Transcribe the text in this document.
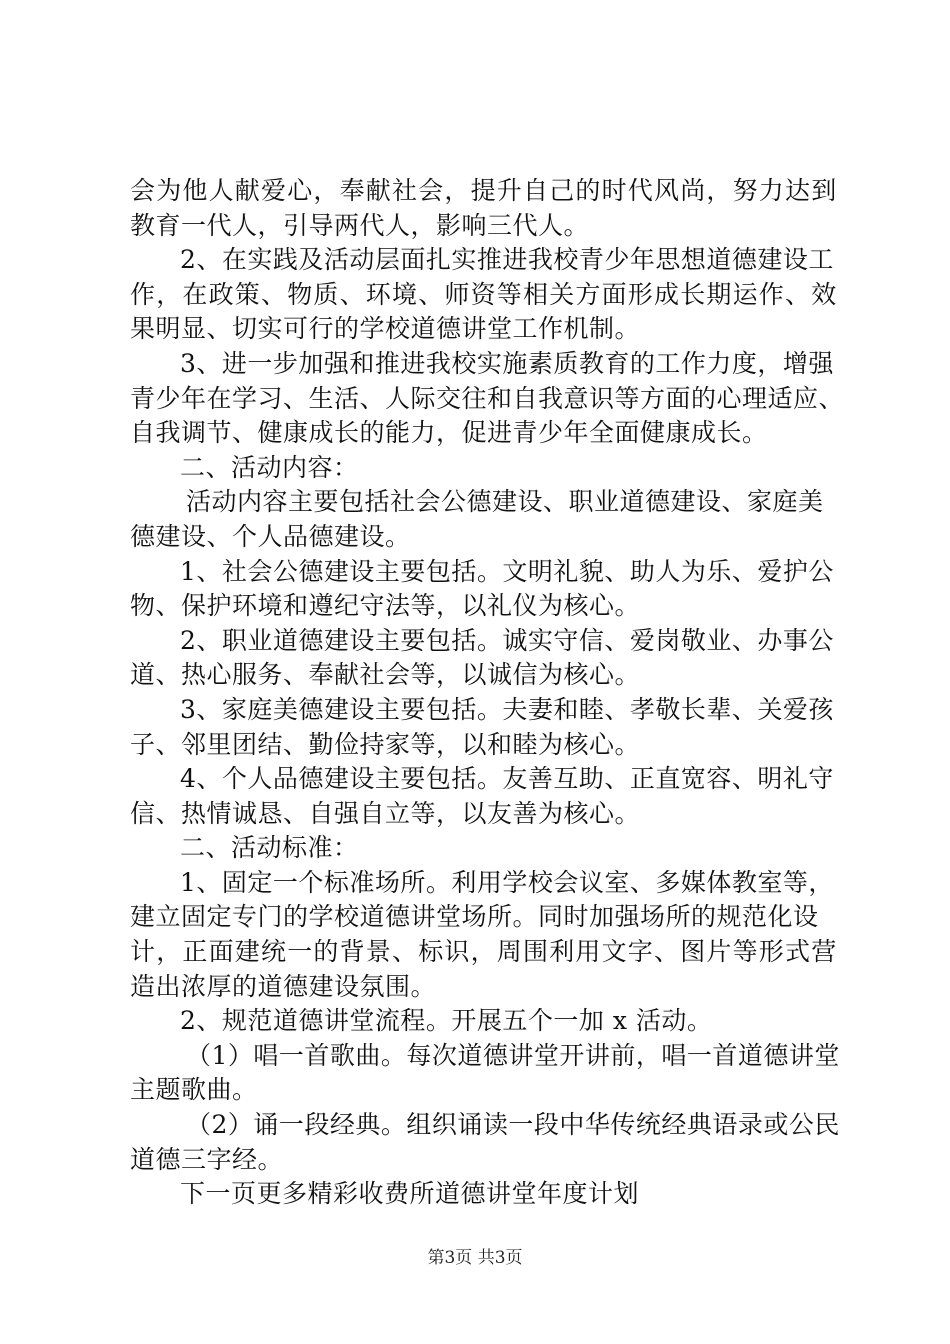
会为他人献爱心，奉献社会，提升自己的时代风尚，努力达到
教育一代人，引导两代人，影响三代人。
2、在实践及活动层面扎实推进我校青少年思想道德建设工
作，在政策、物质、环境、师资等相关方面形成长期运作、效
果明显、切实可行的学校道德讲堂工作机制。
3、进一步加强和推进我校实施素质教育的工作力度，增强
青少年在学习、生活、人际交往和自我意识等方面的心理适应、
自我调节、健康成长的能力，促进青少年全面健康成长。
二、活动内容：
活动内容主要包括社会公德建设、职业道德建设、家庭美
德建设、个人品德建设。
1、社会公德建设主要包括。文明礼貌、助人为乐、爱护公
物、保护环境和遵纪守法等，以礼仪为核心。
2、职业道德建设主要包括。诚实守信、爱岗敬业、办事公
道、热心服务、奉献社会等，以诚信为核心。
3、家庭美德建设主要包括。夫妻和睦、孝敬长辈、关爱孩
子、邻里团结、勤俭持家等，以和睦为核心。
4、个人品德建设主要包括。友善互助、正直宽容、明礼守
信、热情诚恳、自强自立等，以友善为核心。
二、活动标准：
1、固定一个标准场所。利用学校会议室、多媒体教室等，
建立固定专门的学校道德讲堂场所。同时加强场所的规范化设
计，正面建统一的背景、标识，周围利用文字、图片等形式营
造出浓厚的道德建设氛围。
2、规范道德讲堂流程。开展五个一加 x 活动。
（1）唱一首歌曲。每次道德讲堂开讲前，唱一首道德讲堂
主题歌曲。
（2）诵一段经典。组织诵读一段中华传统经典语录或公民
道德三字经。
下一页更多精彩收费所道德讲堂年度计划
第3页 共3页
